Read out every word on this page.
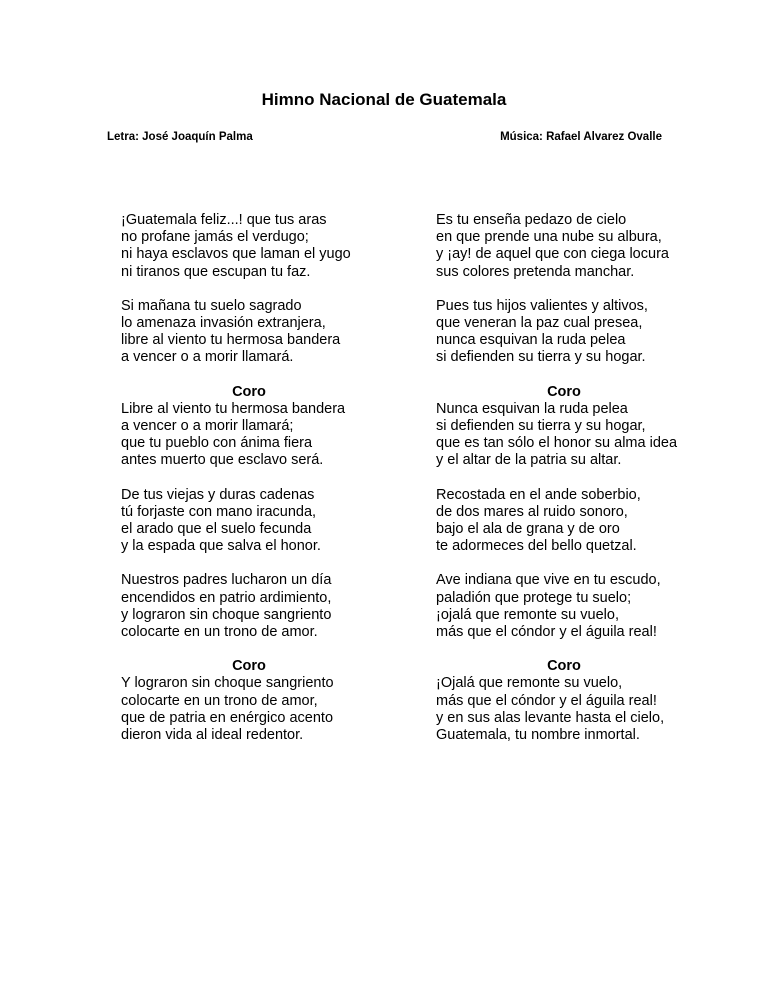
Himno Nacional de Guatemala
Letra: José Joaquín Palma	Música: Rafael Alvarez Ovalle
¡Guatemala feliz...! que tus aras
no profane jamás el verdugo;
ni haya esclavos que laman el yugo
ni tiranos que escupan tu faz.
Si mañana tu suelo sagrado
lo amenaza invasión extranjera,
libre al viento tu hermosa bandera
a vencer o a morir llamará.
Coro
Libre al viento tu hermosa bandera
a vencer o a morir llamará;
que tu pueblo con ánima fiera
antes muerto que esclavo será.
De tus viejas y duras cadenas
tú forjaste con mano iracunda,
el arado que el suelo fecunda
y la espada que salva el honor.
Nuestros padres lucharon un día
encendidos en patrio ardimiento,
y lograron sin choque sangriento
colocarte en un trono de amor.
Coro
Y lograron sin choque sangriento
colocarte en un trono de amor,
que de patria en enérgico acento
dieron vida al ideal redentor.
Es tu enseña pedazo de cielo
en que prende una nube su albura,
y ¡ay! de aquel que con ciega locura
sus colores pretenda manchar.
Pues tus hijos valientes y altivos,
que veneran la paz cual presea,
nunca esquivan la ruda pelea
si defienden su tierra y su hogar.
Coro
Nunca esquivan la ruda pelea
si defienden su tierra y su hogar,
que es tan sólo el honor su alma idea
y el altar de la patria su altar.
Recostada en el ande soberbio,
de dos mares al ruido sonoro,
bajo el ala de grana y de oro
te adormeces del bello quetzal.
Ave indiana que vive en tu escudo,
paladión que protege tu suelo;
¡ojalá que remonte su vuelo,
más que el cóndor y el águila real!
Coro
¡Ojalá que remonte su vuelo,
más que el cóndor y el águila real!
y en sus alas levante hasta el cielo,
Guatemala, tu nombre inmortal.
